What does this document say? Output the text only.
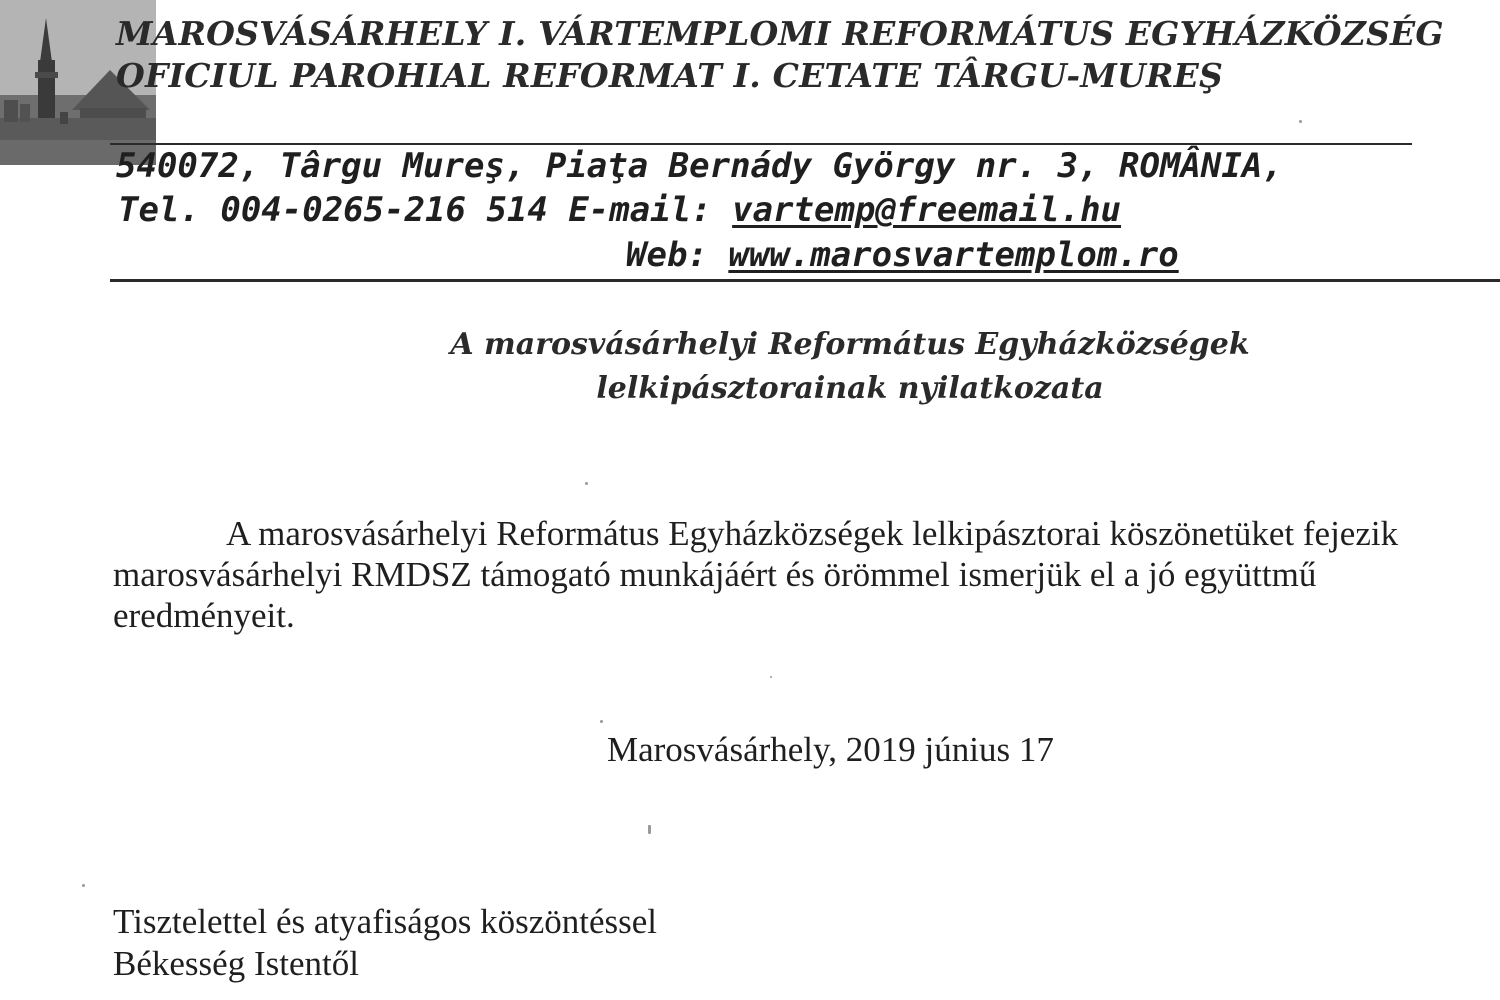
MAROSVÁSÁRHELY I. VÁRTEMPLOMI REFORMÁTUS EGYHÁZKÖZSÉG
OFICIUL PAROHIAL REFORMAT I. CETATE TÂRGU-MUREŞ
540072, Târgu Mureş, Piaţa Bernády György nr. 3, ROMÂNIA,
Tel. 004-0265-216 514 E-mail: vartemp@freemail.hu
Web: www.marosvartemplom.ro
A marosvásárhelyi Református Egyházközségek
lelkipásztorainak nyilatkozata
A marosvásárhelyi Református Egyházközségek lelkipásztorai köszönetüket fejezik
marosvásárhelyi RMDSZ támogató munkájáért és örömmel ismerjük el a jó együttmű
eredményeit.
Marosvásárhely, 2019 június 17
Tisztelettel és atyafiságos köszöntéssel
Békesség Istentől
